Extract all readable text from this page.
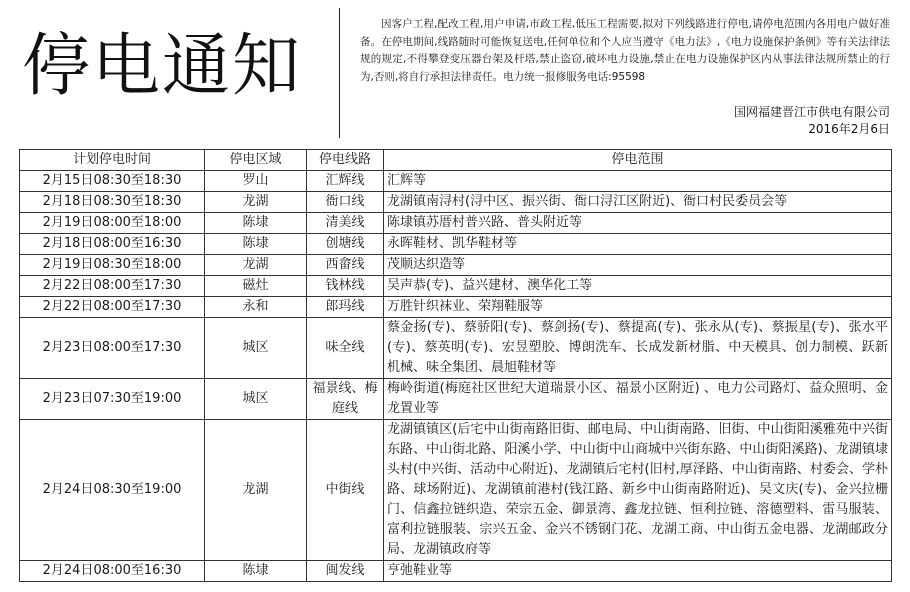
停电通知
因客户工程,配改工程,用户申请,市政工程,低压工程需要,拟对下列线路进行停电,请停电范围内各用电户做好准备。在停电期间,线路随时可能恢复送电,任何单位和个人应当遵守《电力法》,《电力设施保护条例》等有关法律法规的规定,不得攀登变压器台架及杆塔,禁止盗窃,破坏电力设施,禁止在电力设施保护区内从事法律法规所禁止的行为,否则,将自行承担法律责任。电力统一报修服务电话:95598
国网福建晋江市供电有限公司
2016年2月6日
计划停电时间	停电区域	停电线路	停电范围
2月15日08:30至18:30	罗山	汇辉线	汇辉等
2月18日08:30至18:30	龙湖	衙口线	龙湖镇南浔村(浔中区、振兴街、衙口浔江区附近)、衙口村民委员会等
2月19日08:00至18:00	陈埭	清美线	陈埭镇苏厝村普兴路、普头附近等
2月18日08:00至16:30	陈埭	创塘线	永晖鞋材、凯华鞋材等
2月19日08:30至18:00	龙湖	西畲线	茂顺达织造等
2月22日08:00至17:30	磁灶	钱林线	吴声恭(专)、益兴建材、澳华化工等
2月22日08:00至17:30	永和	郎玛线	万胜针织袜业、荣翔鞋服等
2月23日08:00至17:30	城区	味全线	蔡金扬(专)、蔡骄阳(专)、蔡剑扬(专)、蔡提高(专)、张永从(专)、蔡振星(专)、张水平(专)、蔡英明(专)、宏昱塑胶、博朗洗车、长成发新材脂、中天模具、创力制模、跃新机械、味全集团、晨旭鞋材等
2月23日07:30至19:00	城区	福景线、梅庭线	梅岭街道(梅庭社区世纪大道瑞景小区、福景小区附近) 、电力公司路灯、益众照明、金龙置业等
2月24日08:30至19:00	龙湖	中街线	龙湖镇镇区(后宅中山街南路旧街、邮电局、中山街南路、旧街、中山街阳溪雅苑中兴街东路、中山街北路、阳溪小学、中山街中山商城中兴街东路、中山街阳溪路)、龙湖镇埭头村(中兴街、活动中心附近)、龙湖镇后宅村(旧村,厚泽路、中山街南路、村委会、学朴路、球场附近)、龙湖镇前港村(钱江路、新乡中山街南路附近)、吴文庆(专)、金兴拉栅门、信鑫拉链织造、荣宗五金、御景湾、鑫龙拉链、恒利拉链、溶德塑料、雷马服装、富利拉链服装、宗兴五金、金兴不锈钢门花、龙湖工商、中山街五金电器、龙湖邮政分局、龙湖镇政府等
2月24日08:00至16:30	陈埭	闽发线	亨弛鞋业等
